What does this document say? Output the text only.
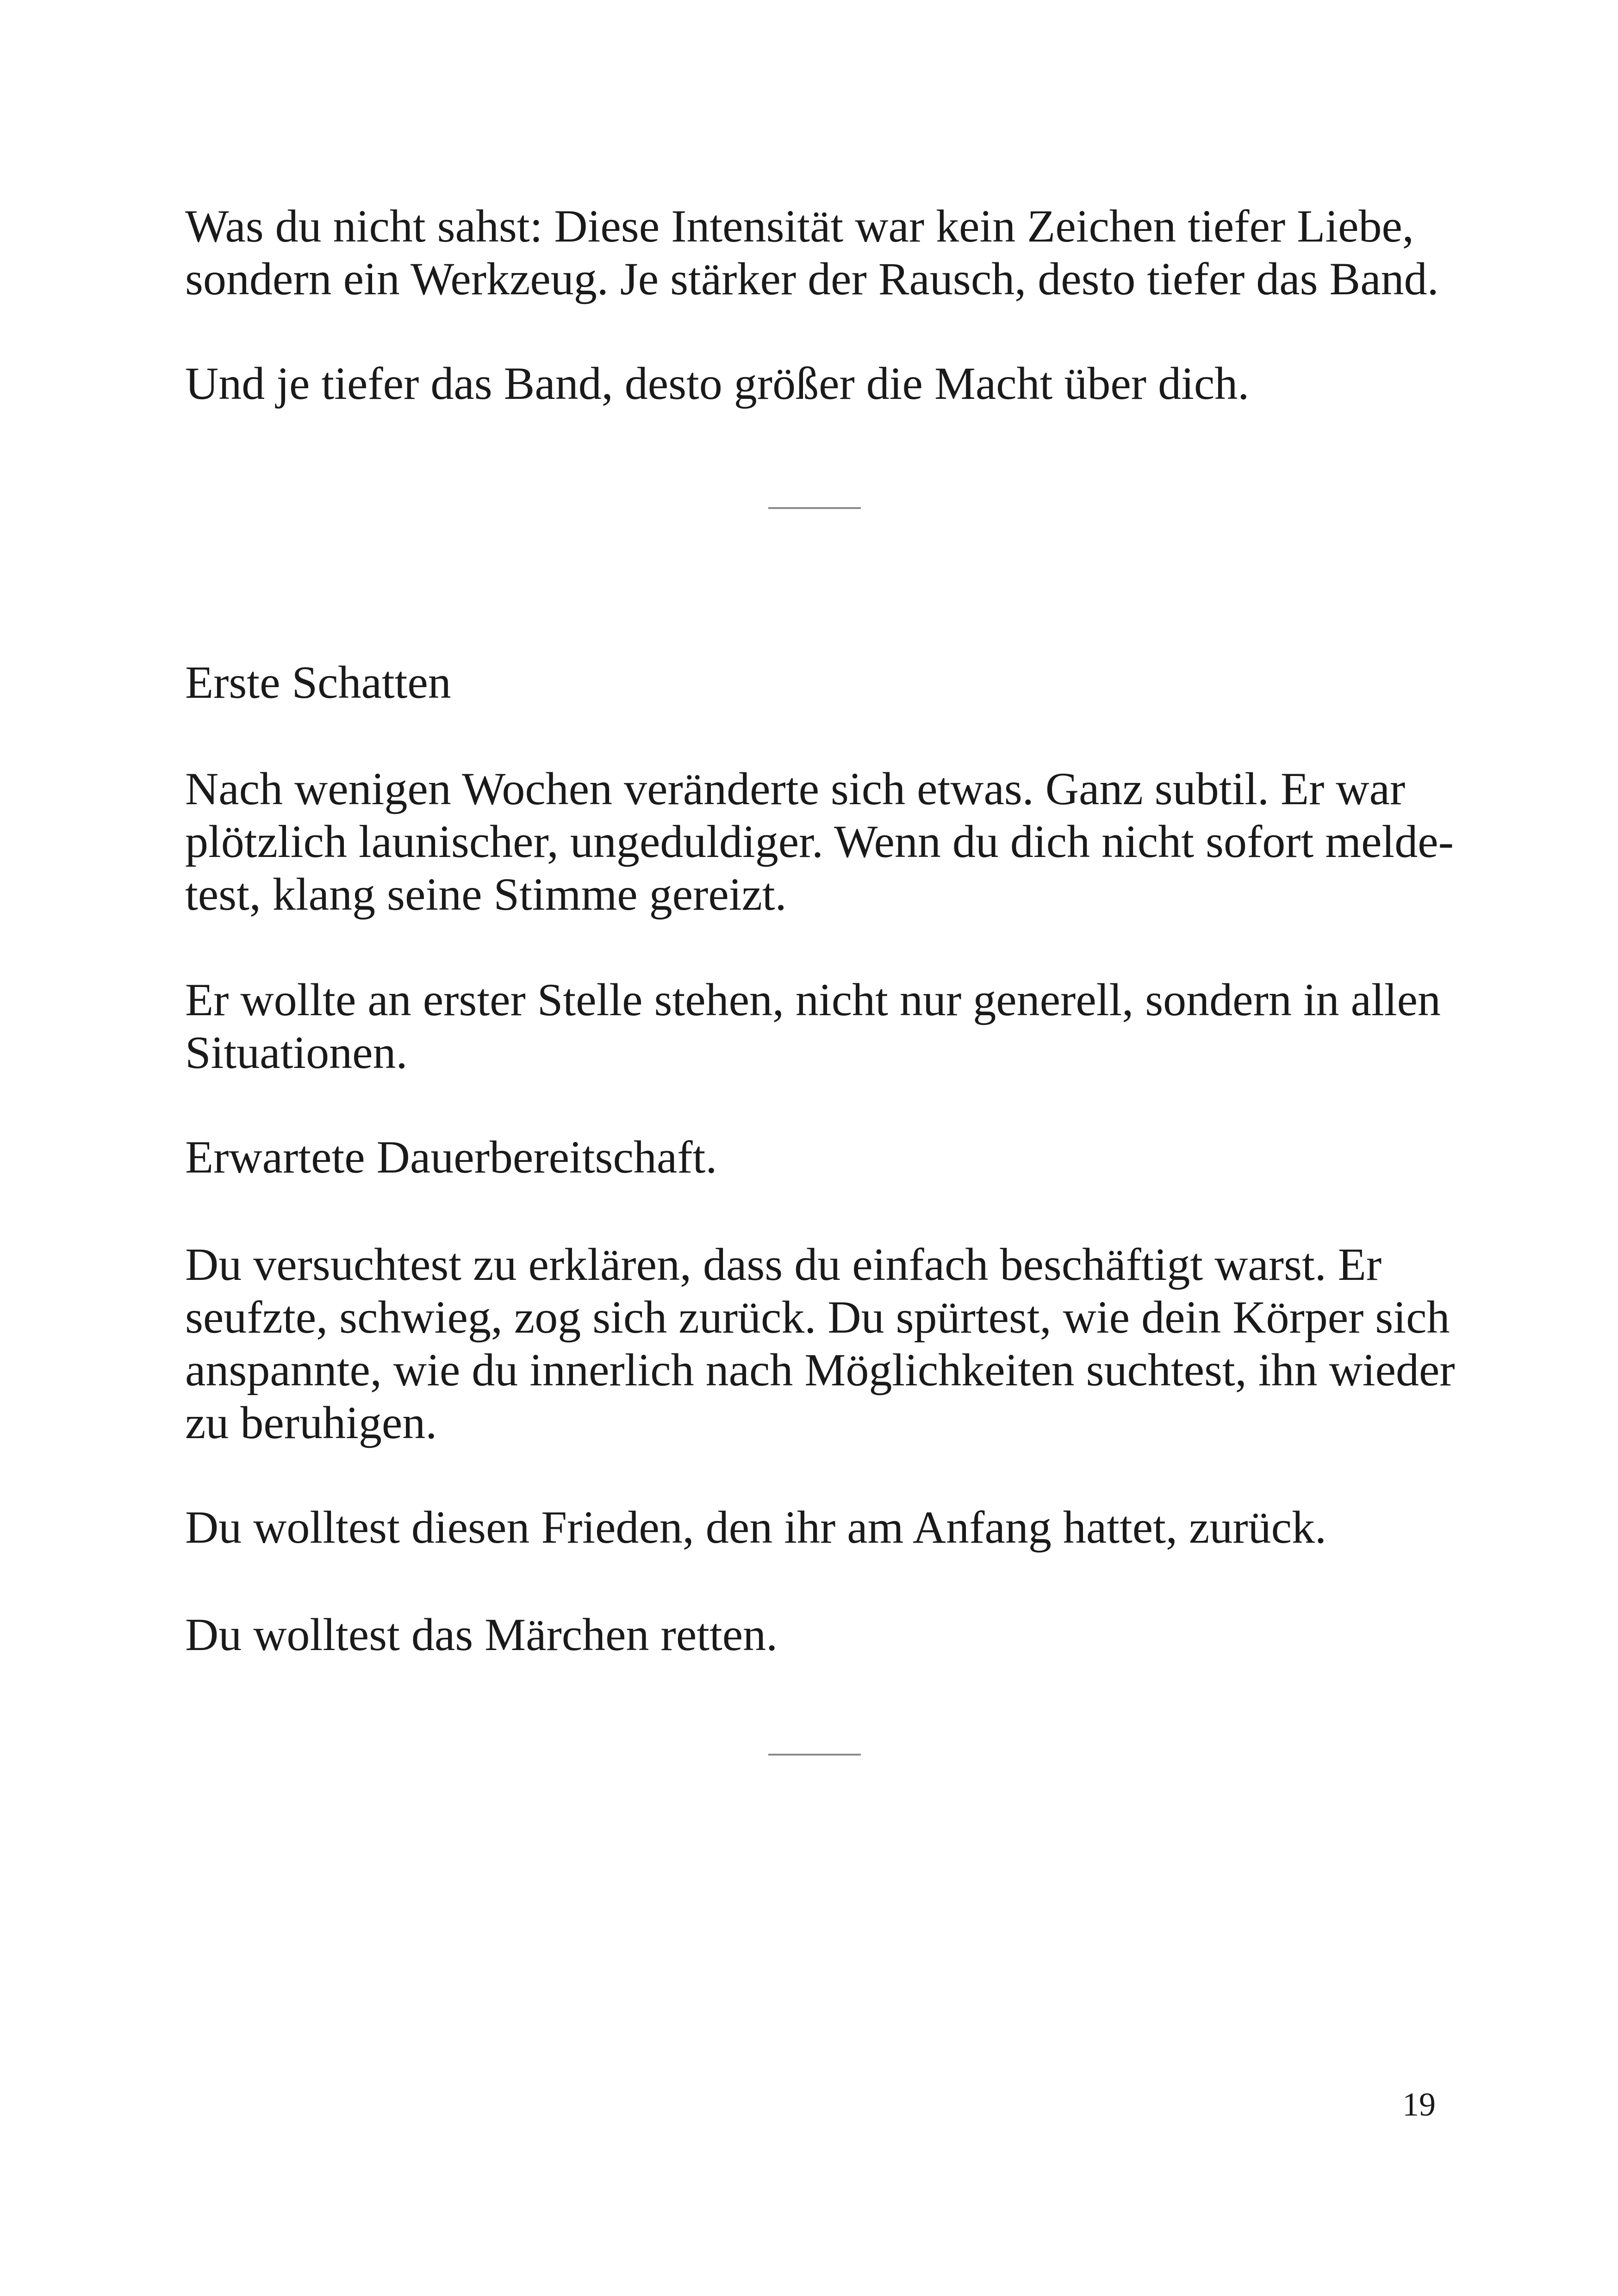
Was du nicht sahst: Diese Intensität war kein Zeichen tiefer Liebe,
sondern ein Werkzeug. Je stärker der Rausch, desto tiefer das Band.

Und je tiefer das Band, desto größer die Macht über dich.

Erste Schatten

Nach wenigen Wochen veränderte sich etwas. Ganz subtil. Er war
plötzlich launischer, ungeduldiger. Wenn du dich nicht sofort melde-
test, klang seine Stimme gereizt.

Er wollte an erster Stelle stehen, nicht nur generell, sondern in allen
Situationen.

Erwartete Dauerbereitschaft.

Du versuchtest zu erklären, dass du einfach beschäftigt warst. Er
seufzte, schwieg, zog sich zurück. Du spürtest, wie dein Körper sich
anspannte, wie du innerlich nach Möglichkeiten suchtest, ihn wieder
zu beruhigen.

Du wolltest diesen Frieden, den ihr am Anfang hattet, zurück.

Du wolltest das Märchen retten.

19
